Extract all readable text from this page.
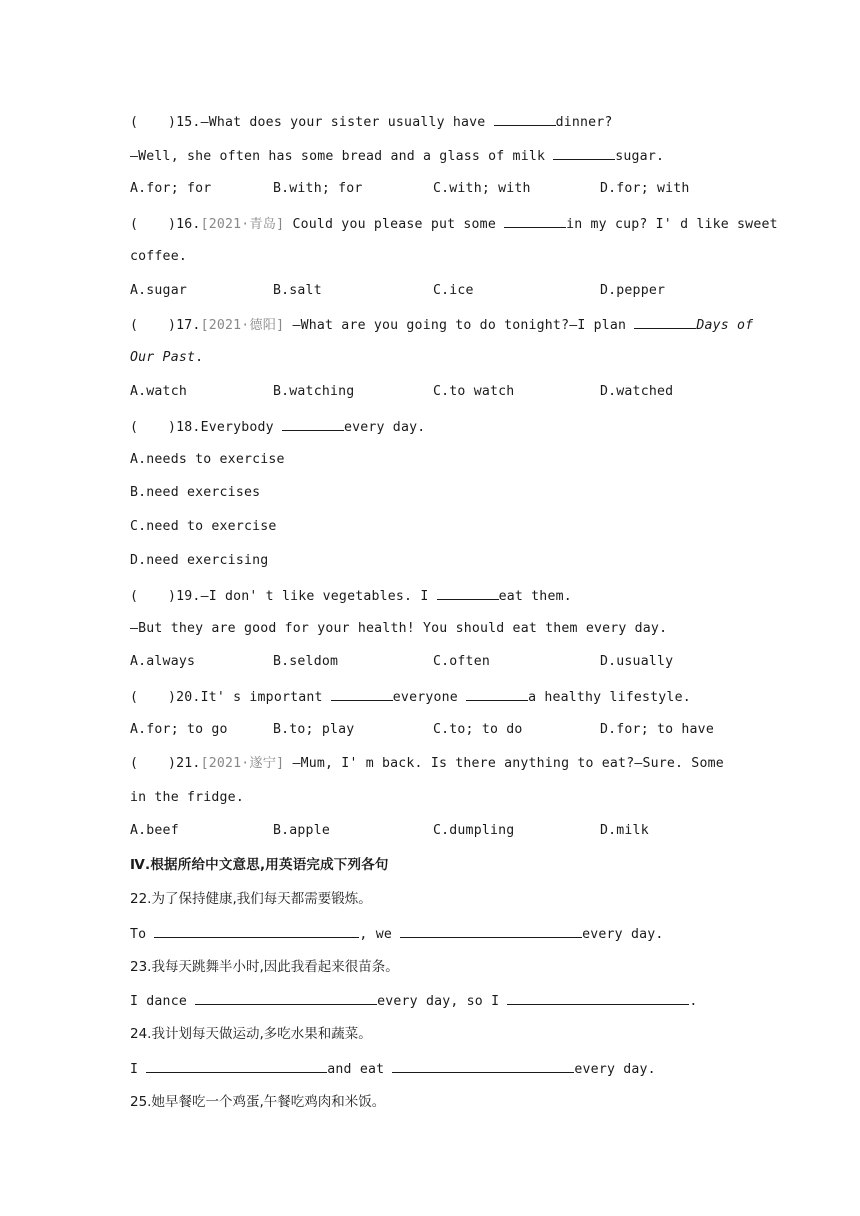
( )15.—What does your sister usually have	dinner?
—Well, she often has some bread and a glass of milk	sugar.
A.for; for	B.with; for	C.with; with	D.for; with
( )16.[2021·青岛] Could you please put some	in my cup? I' d like sweet
coffee.
A.sugar	B.salt	C.ice	D.pepper
( )17.[2021·德阳] —What are you going to do tonight?—I plan	Days of
Our Past.
A.watch	B.watching	C.to watch	D.watched
( )18.Everybody	every day.
A.needs to exercise
B.need exercises
C.need to exercise
D.need exercising
( )19.—I don' t like vegetables. I	eat them.
—But they are good for your health! You should eat them every day.
A.always	B.seldom	C.often	D.usually
( )20.It' s important	everyone	a healthy lifestyle.
A.for; to go	B.to; play	C.to; to do	D.for; to have
( )21.[2021·遂宁] —Mum, I' m back. Is there anything to eat?—Sure. Some
in the fridge.
A.beef	B.apple	C.dumpling	D.milk
Ⅳ.根据所给中文意思,用英语完成下列各句
22.为了保持健康,我们每天都需要锻炼。
To	, we	every day.
23.我每天跳舞半小时,因此我看起来很苗条。
I dance	every day, so I	.
24.我计划每天做运动,多吃水果和蔬菜。
I	and eat	every day.
25.她早餐吃一个鸡蛋,午餐吃鸡肉和米饭。
